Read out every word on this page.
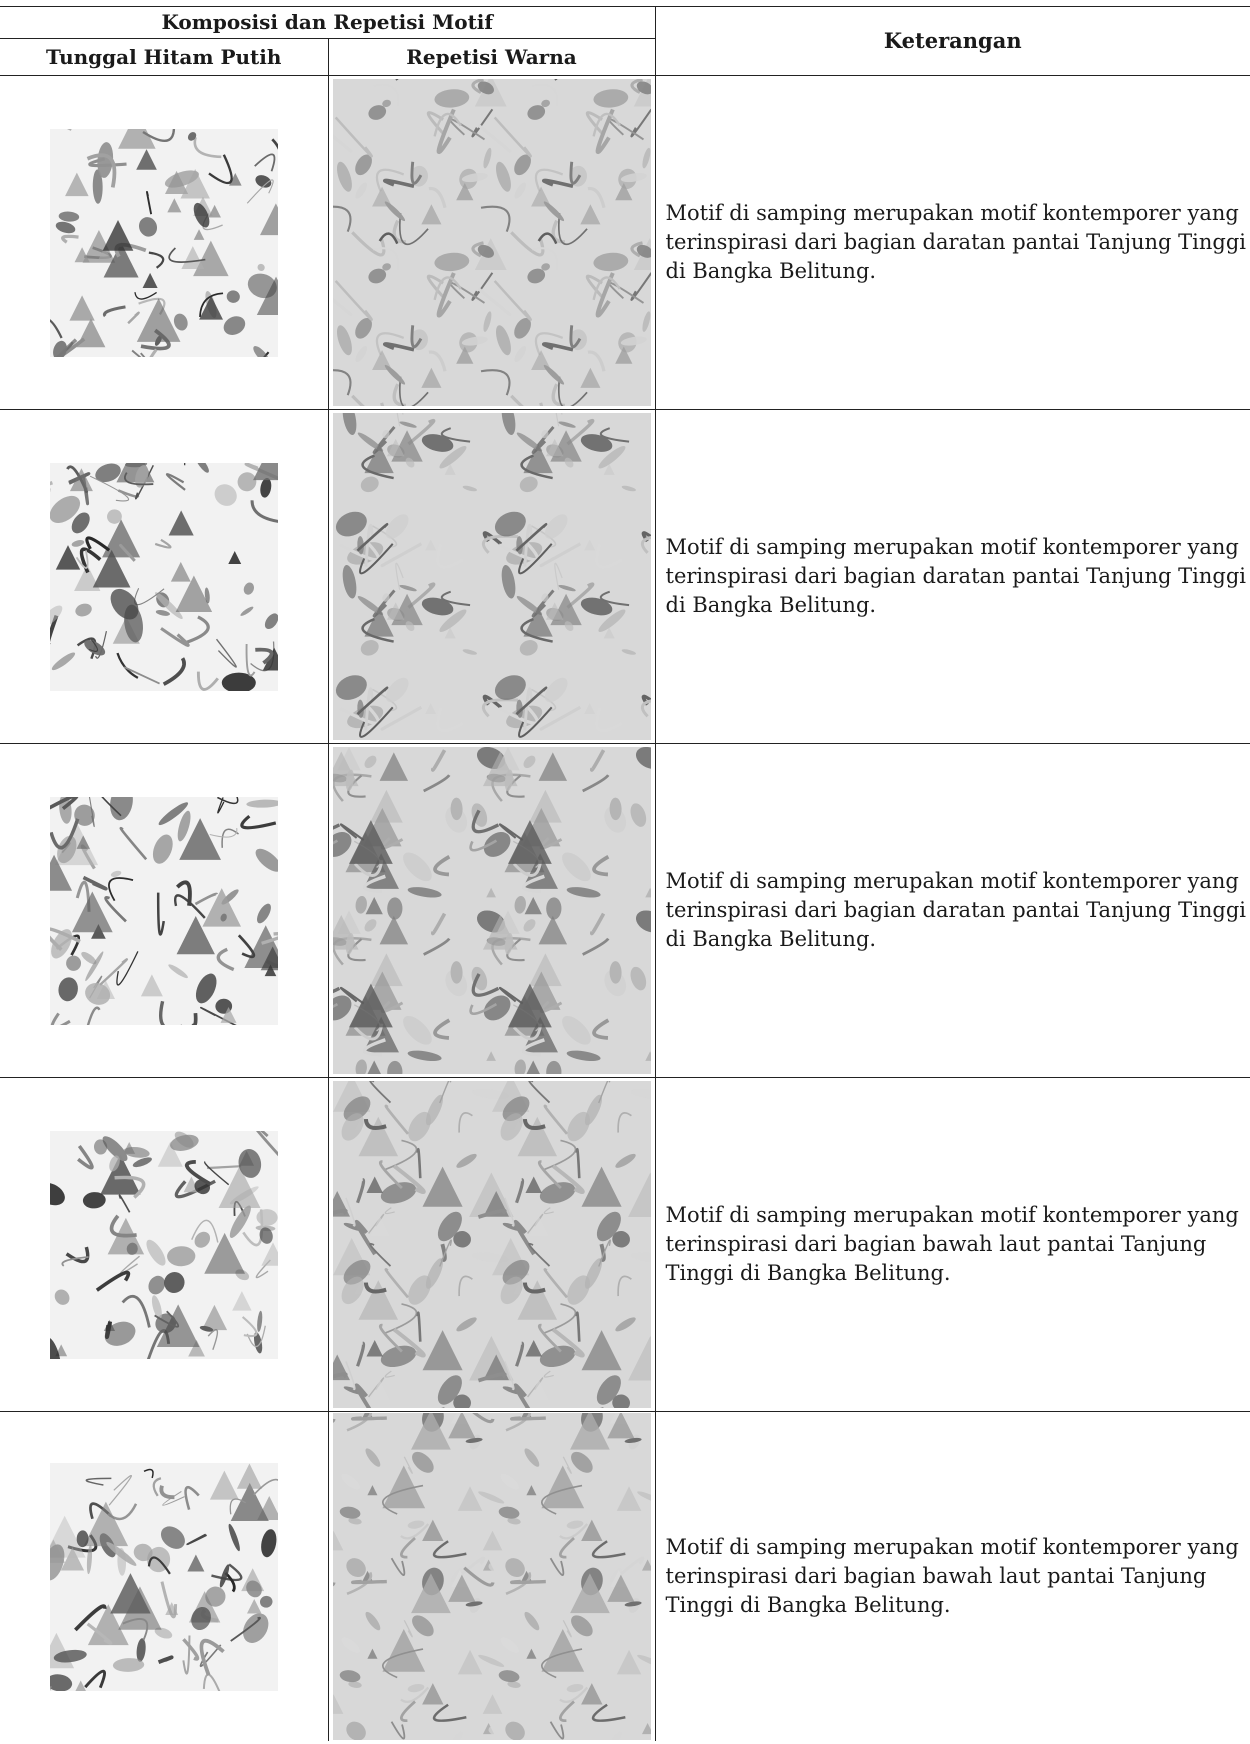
Komposisi dan Repetisi Motif		Keterangan
Tunggal Hitam Putih	Repetisi Warna	

Motif di samping merupakan motif kontemporer yang terinspirasi dari bagian daratan pantai Tanjung Tinggi di Bangka Belitung.

Motif di samping merupakan motif kontemporer yang terinspirasi dari bagian daratan pantai Tanjung Tinggi di Bangka Belitung.

Motif di samping merupakan motif kontemporer yang terinspirasi dari bagian daratan pantai Tanjung Tinggi di Bangka Belitung.

Motif di samping merupakan motif kontemporer yang terinspirasi dari bagian bawah laut pantai Tanjung Tinggi di Bangka Belitung.

Motif di samping merupakan motif kontemporer yang terinspirasi dari bagian bawah laut pantai Tanjung Tinggi di Bangka Belitung.
